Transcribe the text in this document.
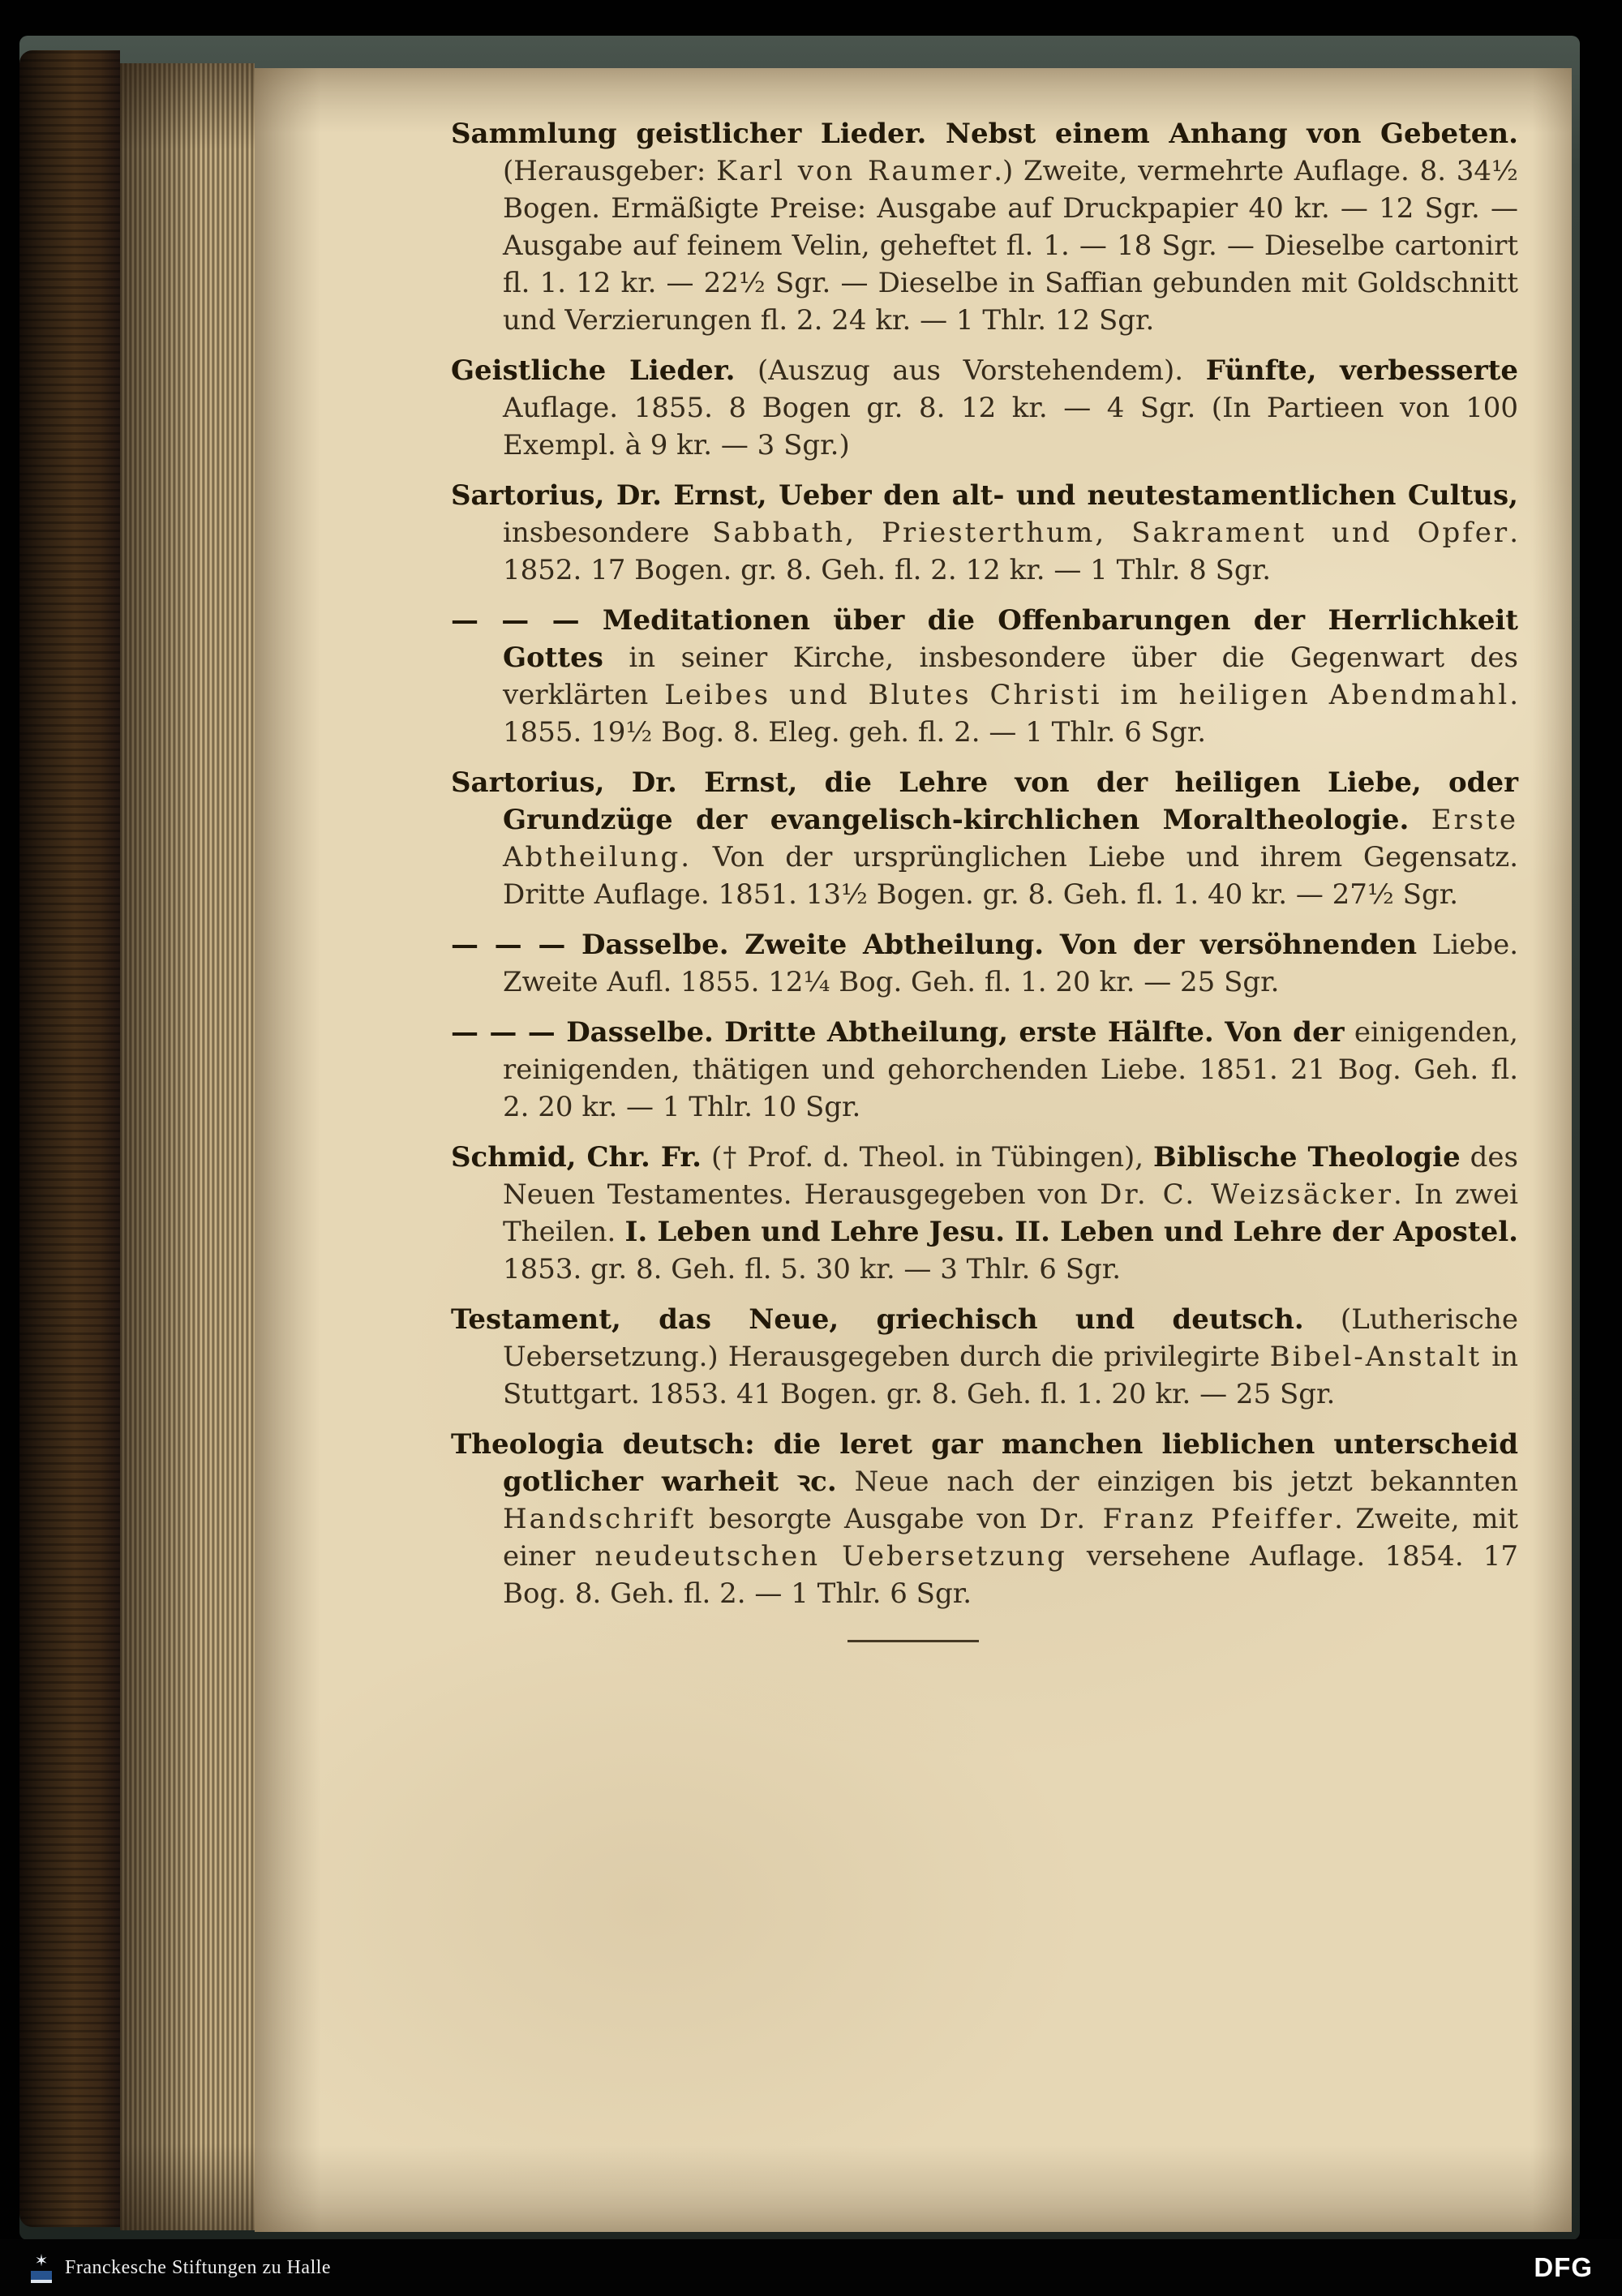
Sammlung geistlicher Lieder. Nebst einem Anhang von Gebeten. (Herausgeber: Karl von Raumer.) Zweite, vermehrte Auflage. 8. 34½ Bogen. Ermäßigte Preise: Ausgabe auf Druckpapier 40 kr. — 12 Sgr. — Ausgabe auf feinem Velin, geheftet fl. 1. — 18 Sgr. — Dieselbe cartonirt fl. 1. 12 kr. — 22½ Sgr. — Dieselbe in Saffian gebunden mit Goldschnitt und Verzierungen fl. 2. 24 kr. — 1 Thlr. 12 Sgr.

Geistliche Lieder. (Auszug aus Vorstehendem). Fünfte, verbesserte Auflage. 1855. 8 Bogen gr. 8. 12 kr. — 4 Sgr. (In Partieen von 100 Exempl. à 9 kr. — 3 Sgr.)

Sartorius, Dr. Ernst, Ueber den alt- und neutestamentlichen Cultus, insbesondere Sabbath, Priesterthum, Sakrament und Opfer. 1852. 17 Bogen. gr. 8. Geh. fl. 2. 12 kr. — 1 Thlr. 8 Sgr.

— — — Meditationen über die Offenbarungen der Herrlichkeit Gottes in seiner Kirche, insbesondere über die Gegenwart des verklärten Leibes und Blutes Christi im heiligen Abendmahl. 1855. 19½ Bog. 8. Eleg. geh. fl. 2. — 1 Thlr. 6 Sgr.

Sartorius, Dr. Ernst, die Lehre von der heiligen Liebe, oder Grundzüge der evangelisch-kirchlichen Moraltheologie. Erste Abtheilung. Von der ursprünglichen Liebe und ihrem Gegensatz. Dritte Auflage. 1851. 13½ Bogen. gr. 8. Geh. fl. 1. 40 kr. — 27½ Sgr.

— — — Dasselbe. Zweite Abtheilung. Von der versöhnenden Liebe. Zweite Aufl. 1855. 12¼ Bog. Geh. fl. 1. 20 kr. — 25 Sgr.

— — — Dasselbe. Dritte Abtheilung, erste Hälfte. Von der einigenden, reinigenden, thätigen und gehorchenden Liebe. 1851. 21 Bog. Geh. fl. 2. 20 kr. — 1 Thlr. 10 Sgr.

Schmid, Chr. Fr. († Prof. d. Theol. in Tübingen), Biblische Theologie des Neuen Testamentes. Herausgegeben von Dr. C. Weizsäcker. In zwei Theilen. I. Leben und Lehre Jesu. II. Leben und Lehre der Apostel. 1853. gr. 8. Geh. fl. 5. 30 kr. — 3 Thlr. 6 Sgr.

Testament, das Neue, griechisch und deutsch. (Lutherische Uebersetzung.) Herausgegeben durch die privilegirte Bibel-Anstalt in Stuttgart. 1853. 41 Bogen. gr. 8. Geh. fl. 1. 20 kr. — 25 Sgr.

Theologia deutsch: die leret gar manchen lieblichen unterscheid gotlicher warheit ꝛc. Neue nach der einzigen bis jetzt bekannten Handschrift besorgte Ausgabe von Dr. Franz Pfeiffer. Zweite, mit einer neudeutschen Uebersetzung versehene Auflage. 1854. 17 Bog. 8. Geh. fl. 2. — 1 Thlr. 6 Sgr.

✶ Franckesche Stiftungen zu Halle	DFG
